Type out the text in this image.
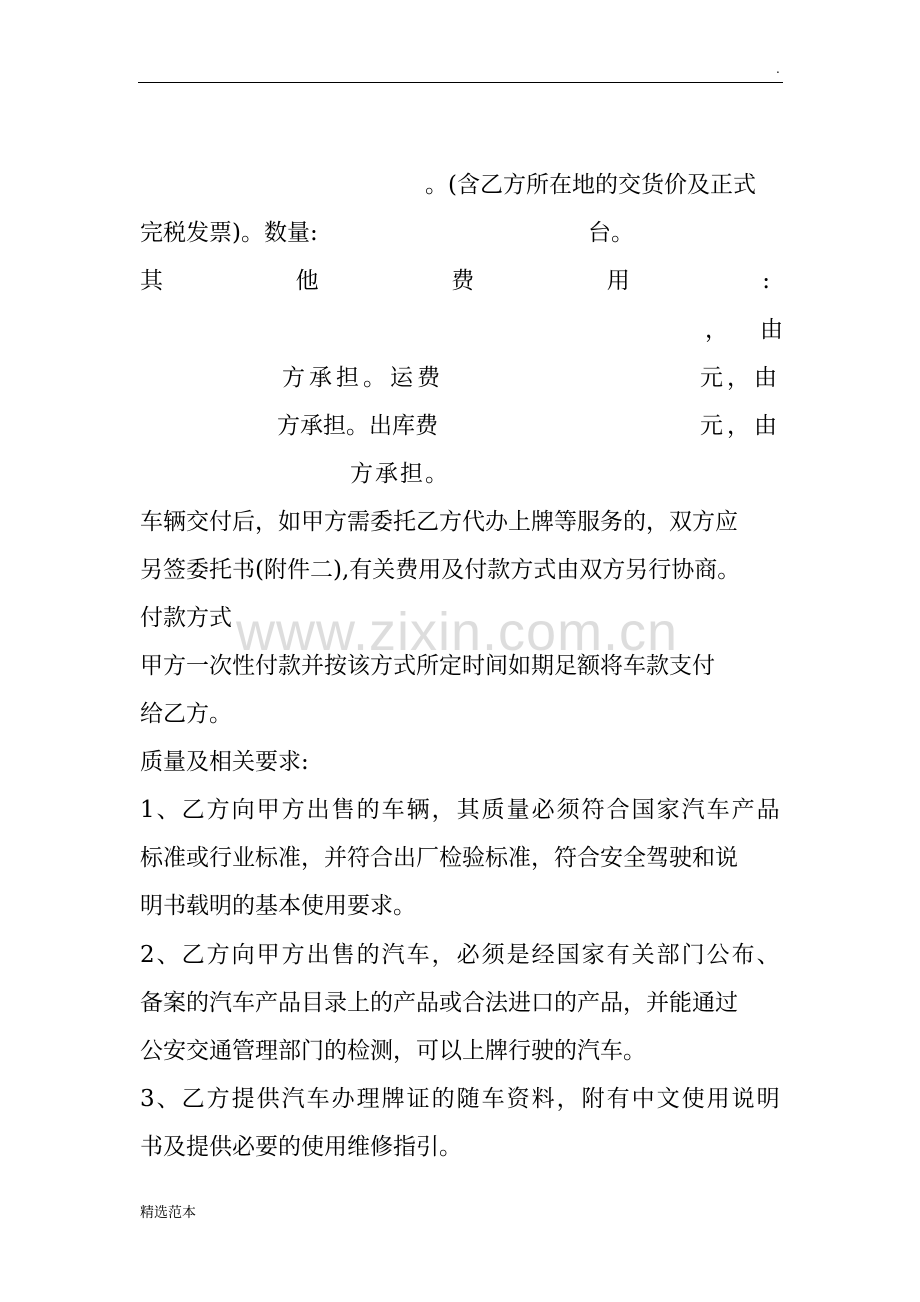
.
。(含乙方所在地的交货价及正式
完税发票)。数量:	台。
其	他	费	用	:
， 由
方承担。运费	元，由
方承担。出库费	元，由
方承担。
车辆交付后，如甲方需委托乙方代办上牌等服务的，双方应
另签委托书(附件二),有关费用及付款方式由双方另行协商。
付款方式
甲方一次性付款并按该方式所定时间如期足额将车款支付
给乙方。
质量及相关要求:
1、乙方向甲方出售的车辆，其质量必须符合国家汽车产品
标准或行业标准，并符合出厂检验标准，符合安全驾驶和说
明书载明的基本使用要求。
2、乙方向甲方出售的汽车，必须是经国家有关部门公布、
备案的汽车产品目录上的产品或合法进口的产品，并能通过
公安交通管理部门的检测，可以上牌行驶的汽车。
3、乙方提供汽车办理牌证的随车资料，附有中文使用说明
书及提供必要的使用维修指引。
www.zixin.com.cn
精选范本
